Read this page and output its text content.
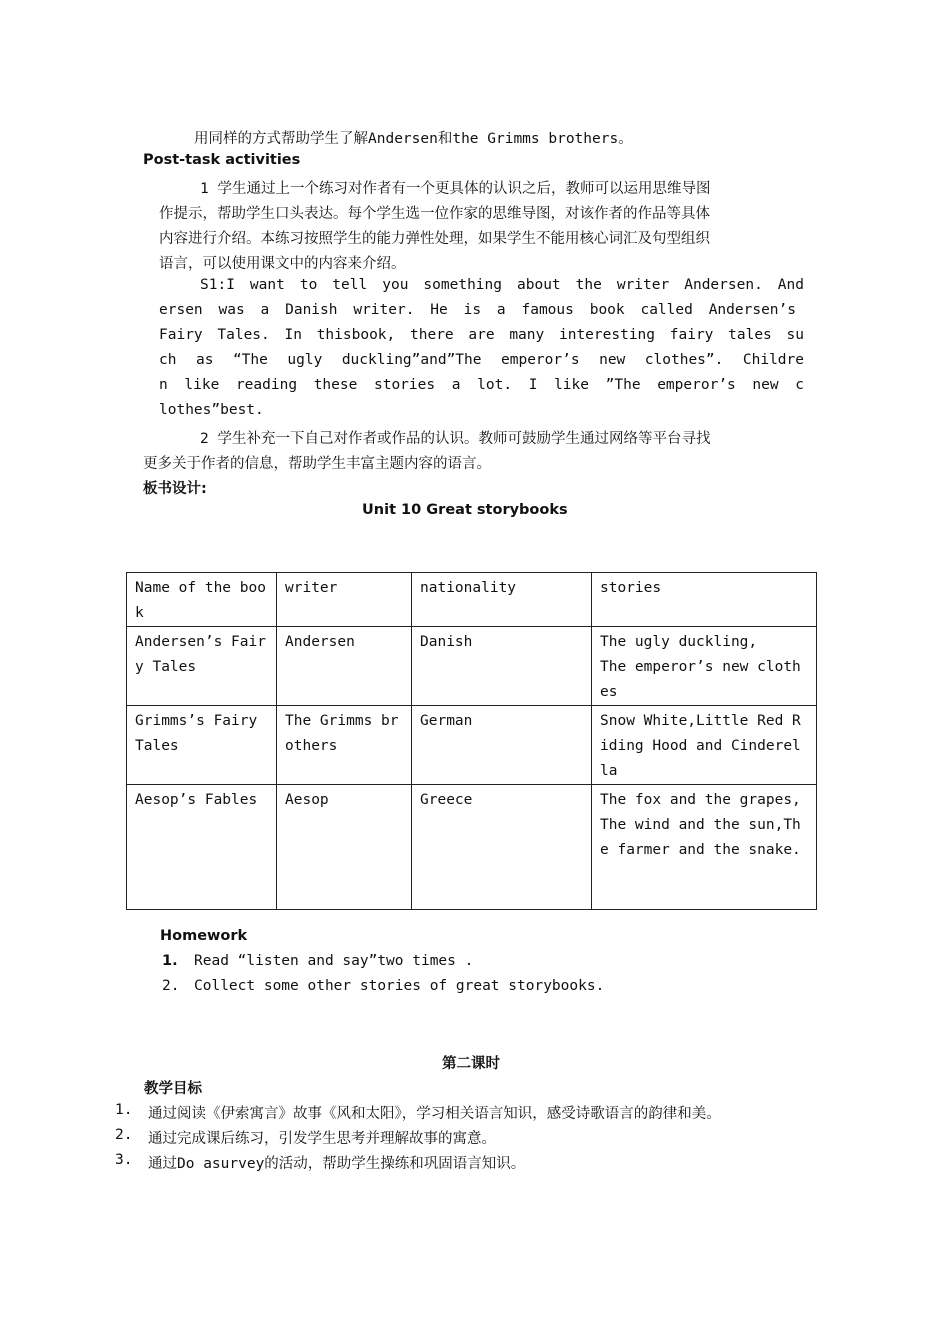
用同样的方式帮助学生了解Andersen和the Grimms brothers。
Post-task activities
1 学生通过上一个练习对作者有一个更具体的认识之后，教师可以运用思维导图
作提示，帮助学生口头表达。每个学生选一位作家的思维导图，对该作者的作品等具体
内容进行介绍。本练习按照学生的能力弹性处理，如果学生不能用核心词汇及句型组织
语言，可以使用课文中的内容来介绍。
S1:I want to tell you something about the writer Andersen. And
ersen was a Danish writer. He is a famous book called Andersen’s
Fairy Tales. In thisbook, there are many interesting fairy tales su
ch as “The ugly duckling”and”The emperor’s new clothes”. Childre
n like reading these stories a lot. I like ”The emperor’s new c
lothes”best.
2 学生补充一下自己对作者或作品的认识。教师可鼓励学生通过网络等平台寻找
更多关于作者的信息，帮助学生丰富主题内容的语言。
板书设计:
Unit 10 Great storybooks
Name of the book	writer	nationality	stories
Andersen’s Fairy Tales	Andersen	Danish	The ugly duckling,
The emperor’s new clothes
Grimms’s Fairy Tales	The Grimms brothers	German	Snow White,Little Red Riding Hood and Cinderella
Aesop’s Fables	Aesop	Greece	The fox and the grapes,The wind and the sun,The farmer and the snake.
Homework
1. Read “listen and say”two times .
2. Collect some other stories of great storybooks.
第二课时
教学目标
1. 通过阅读《伊索寓言》故事《风和太阳》，学习相关语言知识，感受诗歌语言的韵律和美。
2. 通过完成课后练习，引发学生思考并理解故事的寓意。
3. 通过Do asurvey的活动，帮助学生操练和巩固语言知识。
